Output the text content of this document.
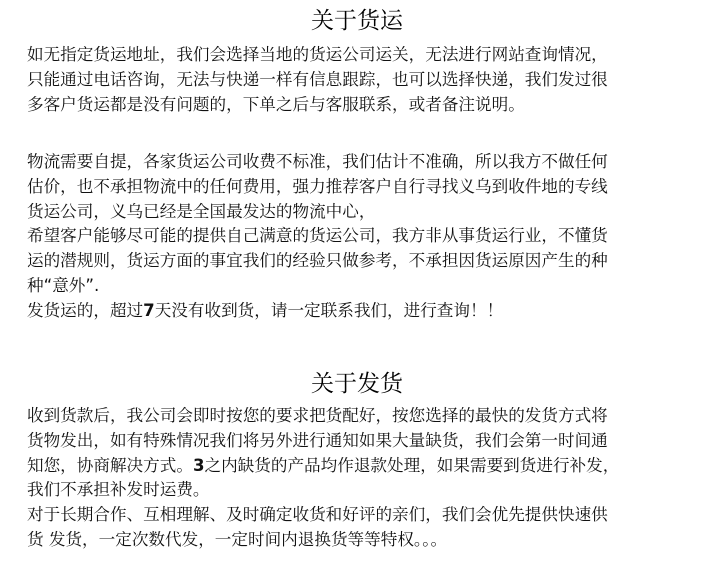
关于货运
如无指定货运地址，我们会选择当地的货运公司运关，无法进行网站查询情况，
只能通过电话咨询，无法与快递一样有信息跟踪，也可以选择快递，我们发过很
多客户货运都是没有问题的，下单之后与客服联系，或者备注说明。
物流需要自提，各家货运公司收费不标准，我们估计不准确，所以我方不做任何
估价，也不承担物流中的任何费用，强力推荐客户自行寻找义乌到收件地的专线
货运公司，义乌已经是全国最发达的物流中心，
希望客户能够尽可能的提供自己满意的货运公司，我方非从事货运行业，不懂货
运的潜规则，货运方面的事宜我们的经验只做参考，不承担因货运原因产生的种
种“意外”.
发货运的，超过7天没有收到货，请一定联系我们，进行查询！！
关于发货
收到货款后，我公司会即时按您的要求把货配好，按您选择的最快的发货方式将
货物发出，如有特殊情况我们将另外进行通知如果大量缺货，我们会第一时间通
知您，协商解决方式。3之内缺货的产品均作退款处理，如果需要到货进行补发，
我们不承担补发时运费。
对于长期合作、互相理解、及时确定收货和好评的亲们，我们会优先提供快速供
货 发货，一定次数代发，一定时间内退换货等等特权。。。
